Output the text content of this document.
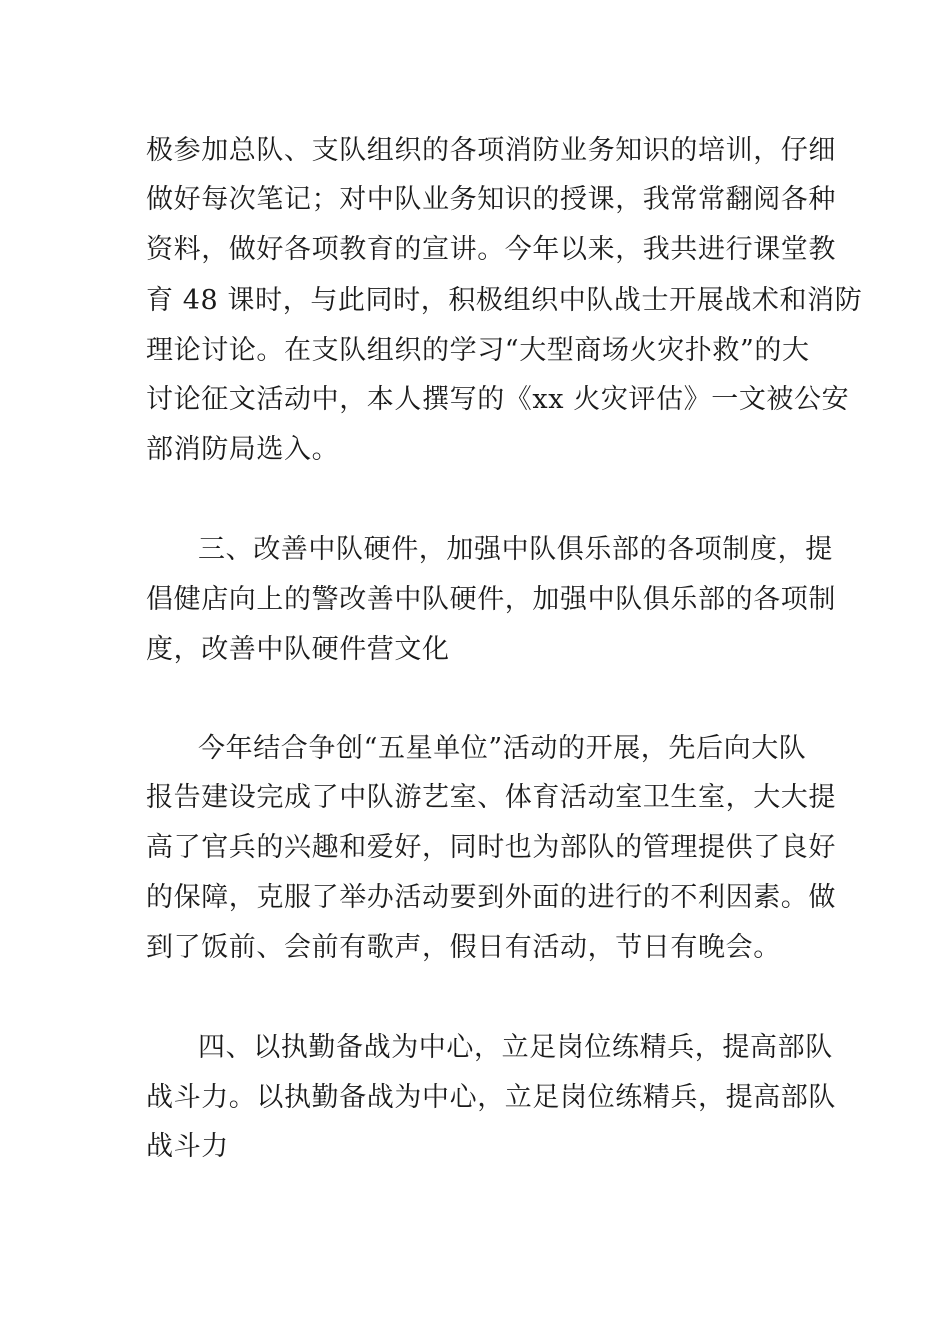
极参加总队、支队组织的各项消防业务知识的培训，仔细
做好每次笔记；对中队业务知识的授课，我常常翻阅各种
资料，做好各项教育的宣讲。今年以来，我共进行课堂教
育 48 课时，与此同时，积极组织中队战士开展战术和消防
理论讨论。在支队组织的学习“大型商场火灾扑救”的大
讨论征文活动中，本人撰写的《xx 火灾评估》一文被公安
部消防局选入。
三、改善中队硬件，加强中队俱乐部的各项制度，提
倡健店向上的警改善中队硬件，加强中队俱乐部的各项制
度，改善中队硬件营文化
今年结合争创“五星单位”活动的开展，先后向大队
报告建设完成了中队游艺室、体育活动室卫生室，大大提
高了官兵的兴趣和爱好，同时也为部队的管理提供了良好
的保障，克服了举办活动要到外面的进行的不利因素。做
到了饭前、会前有歌声，假日有活动，节日有晚会。
四、以执勤备战为中心，立足岗位练精兵，提高部队
战斗力。以执勤备战为中心，立足岗位练精兵，提高部队
战斗力
